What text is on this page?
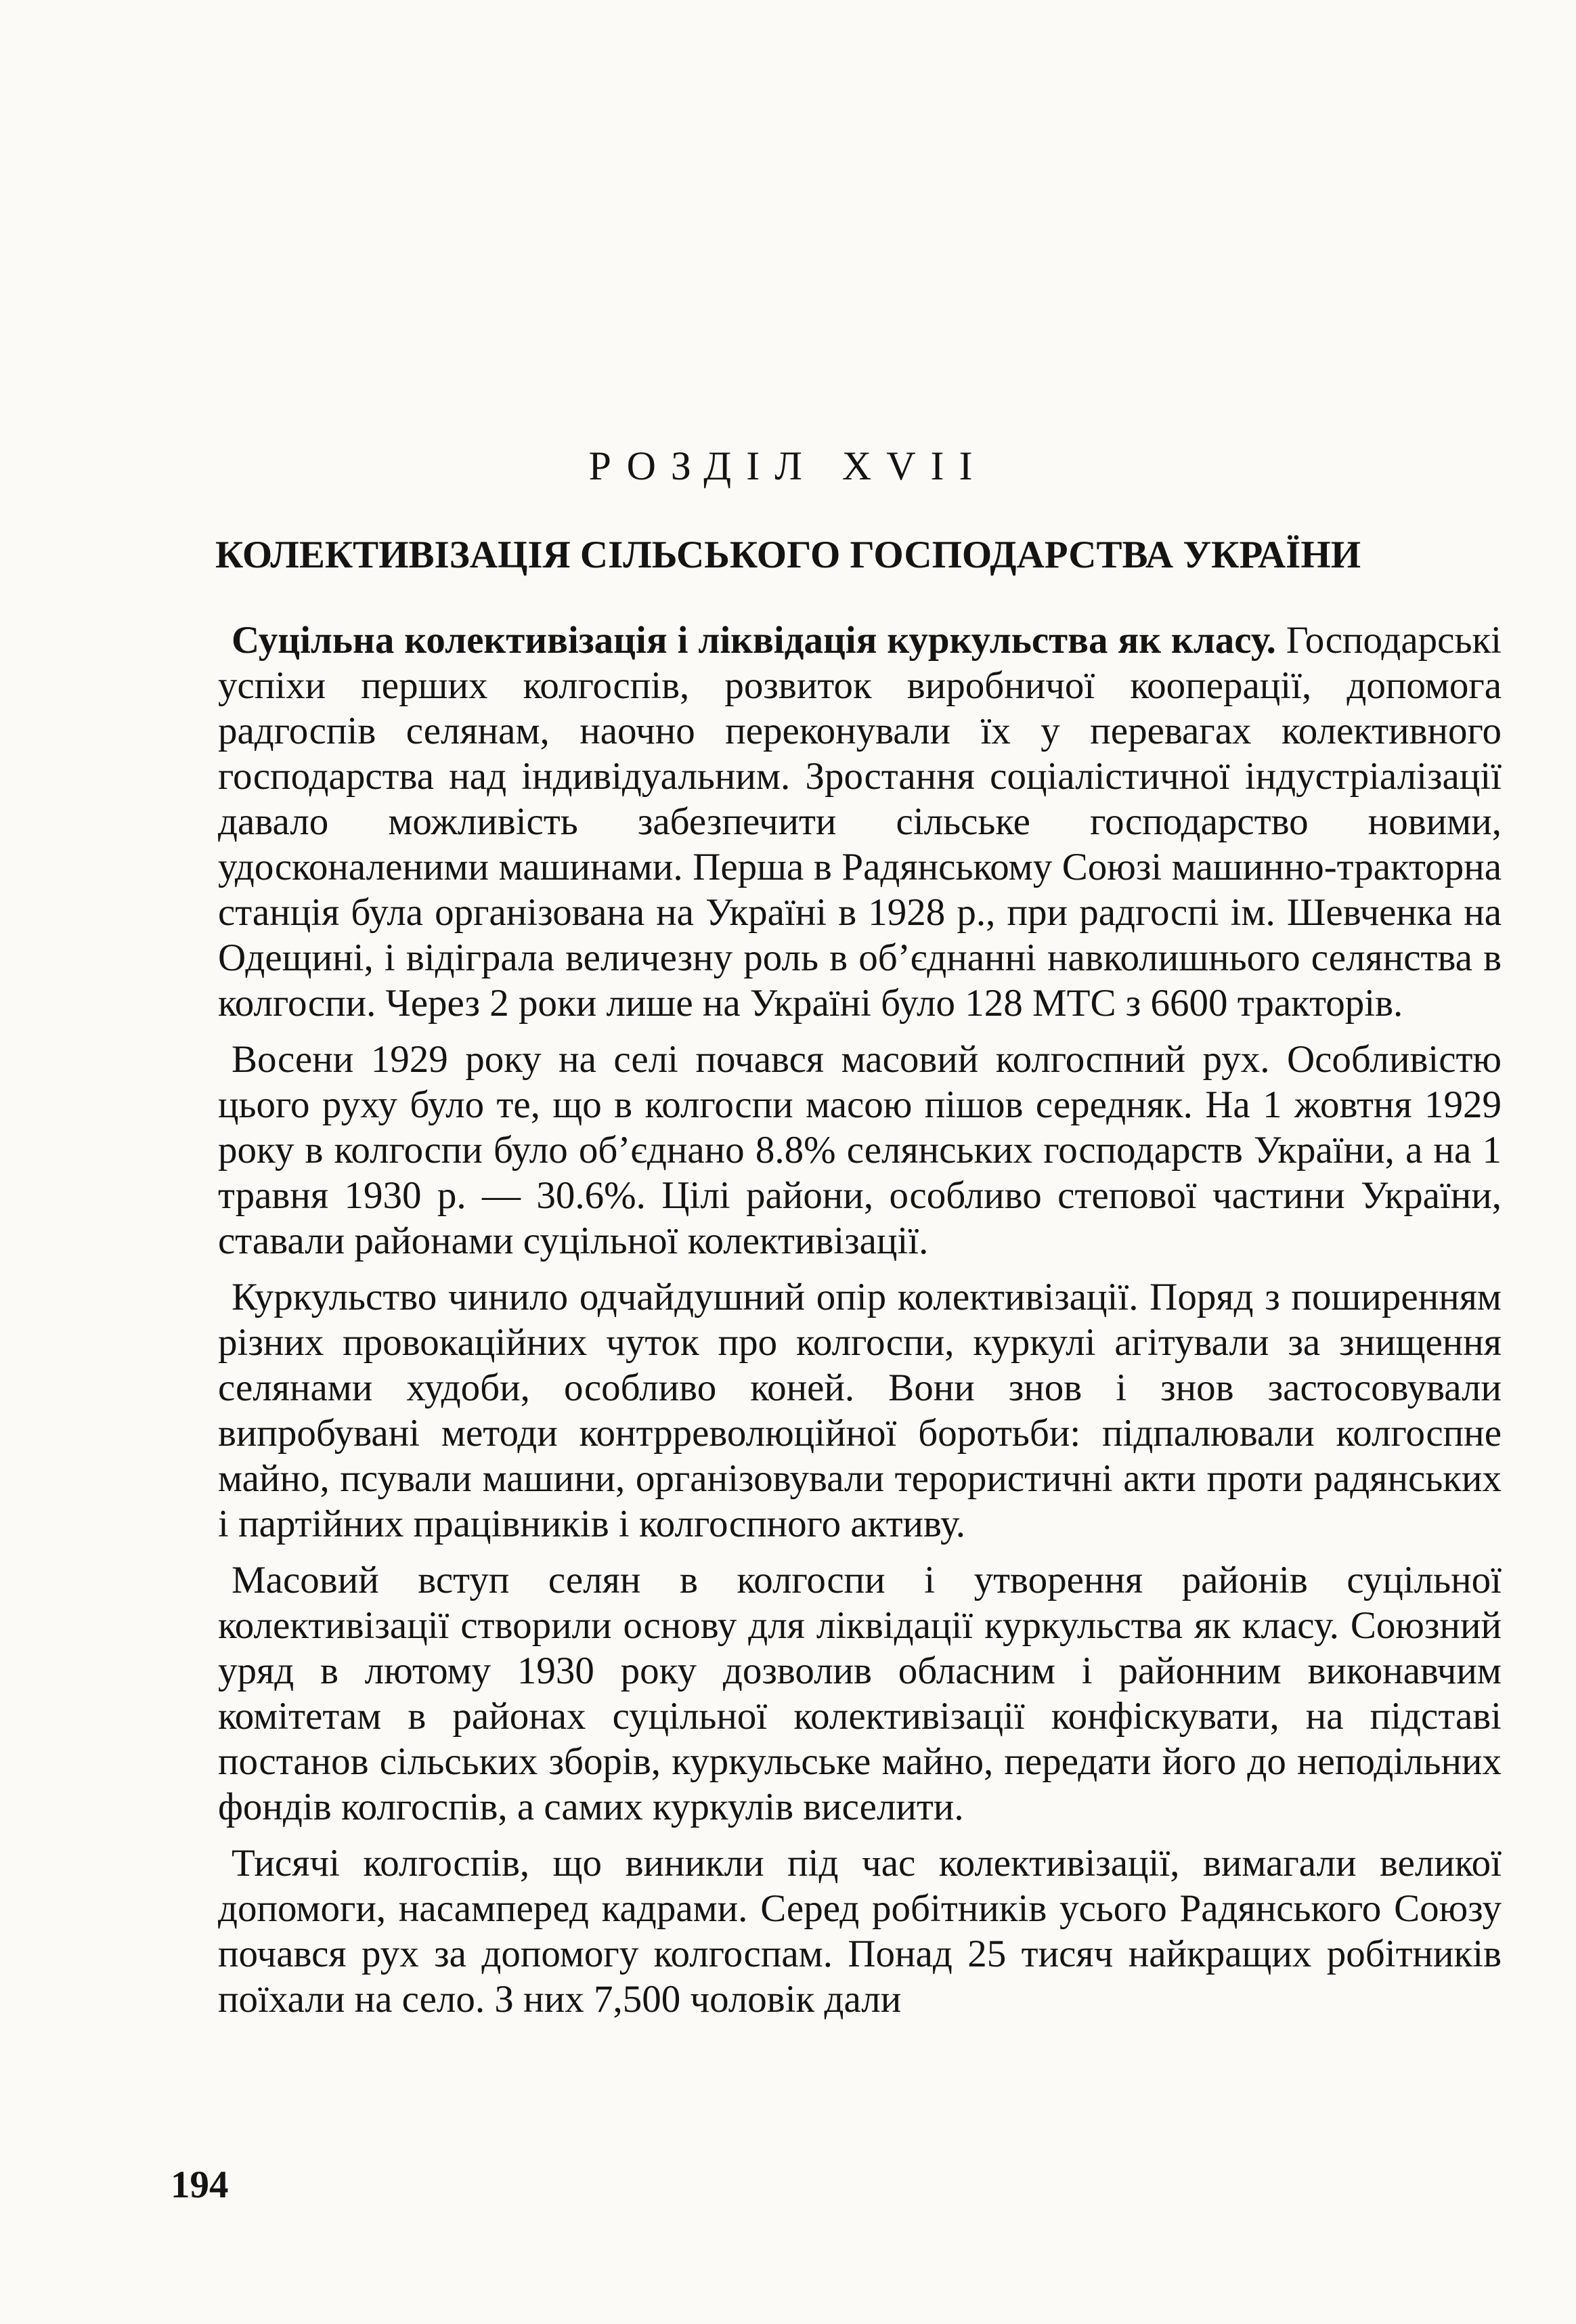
РОЗДІЛ XVII
КОЛЕКТИВІЗАЦІЯ СІЛЬСЬКОГО ГОСПОДАРСТВА УКРАЇНИ

Суцільна колективізація і ліквідація куркульства як класу. Господарські успіхи перших колгоспів, розвиток виробничої кооперації, допомога радгоспів селянам, наочно переконували їх у перевагах колективного господарства над індивідуальним. Зростання соціалістичної індустріалізації давало можливість забезпечити сільське господарство новими, удосконаленими машинами. Перша в Радянському Союзі машинно-тракторна станція була організована на Україні в 1928 р., при радгоспі ім. Шевченка на Одещині, і відіграла величезну роль в об’єднанні навколишнього селянства в колгоспи. Через 2 роки лише на Україні було 128 МТС з 6600 тракторів.

Восени 1929 року на селі почався масовий колгоспний рух. Особливістю цього руху було те, що в колгоспи масою пішов середняк. На 1 жовтня 1929 року в колгоспи було об’єднано 8.8% селянських господарств України, а на 1 травня 1930 р. — 30.6%. Цілі райони, особливо степової частини України, ставали районами суцільної колективізації.

Куркульство чинило одчайдушний опір колективізації. Поряд з поширенням різних провокаційних чуток про колгоспи, куркулі агітували за знищення селянами худоби, особливо коней. Вони знов і знов застосовували випробувані методи контрреволюційної боротьби: підпалювали колгоспне майно, псували машини, організовували терористичні акти проти радянських і партійних працівників і колгоспного активу.

Масовий вступ селян в колгоспи і утворення районів суцільної колективізації створили основу для ліквідації куркульства як класу. Союзний уряд в лютому 1930 року дозволив обласним і районним виконавчим комітетам в районах суцільної колективізації конфіскувати, на підставі постанов сільських зборів, куркульське майно, передати його до неподільних фондів колгоспів, а самих куркулів виселити.

Тисячі колгоспів, що виникли під час колективізації, вимагали великої допомоги, насамперед кадрами. Серед робітників усього Радянського Союзу почався рух за допомогу колгоспам. Понад 25 тисяч найкращих робітників поїхали на село. З них 7,500 чоловік дали

194
